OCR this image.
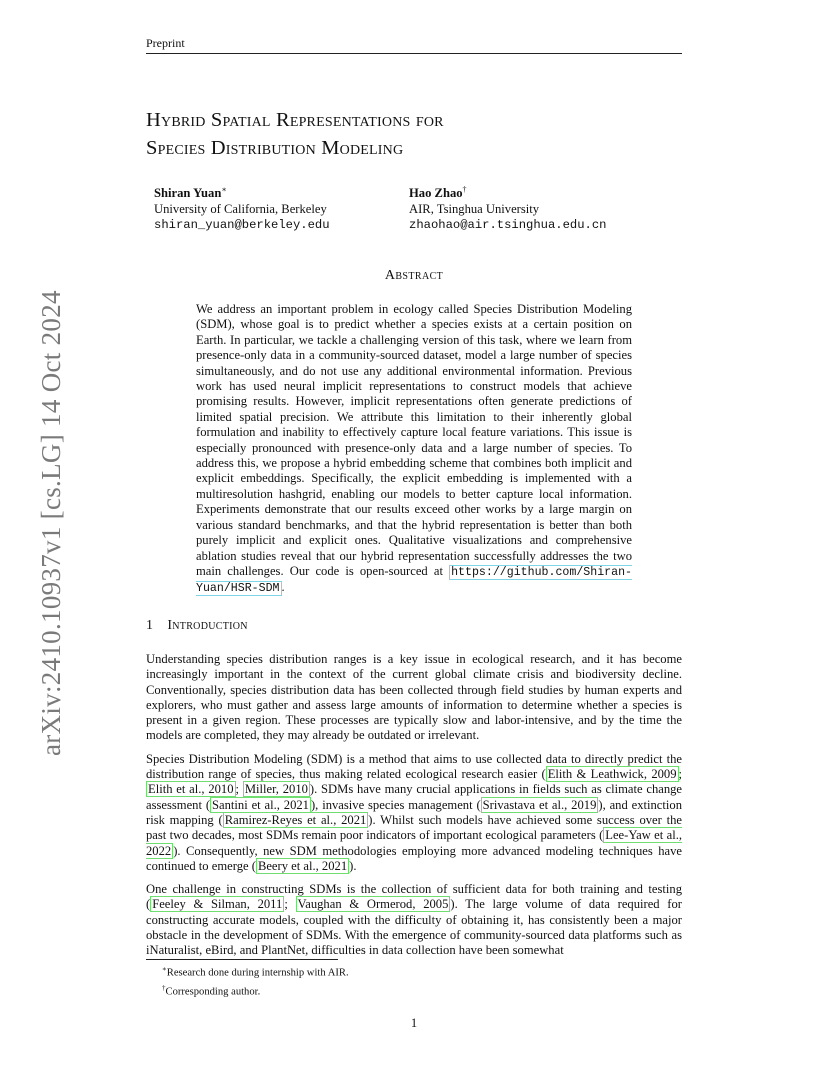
arXiv:2410.10937v1 [cs.LG] 14 Oct 2024
Preprint
Hybrid Spatial Representations for
Species Distribution Modeling
Shiran Yuan∗
University of California, Berkeley
shiran_yuan@berkeley.edu
Hao Zhao†
AIR, Tsinghua University
zhaohao@air.tsinghua.edu.cn
Abstract
We address an important problem in ecology called Species Distribution Modeling (SDM), whose goal is to predict whether a species exists at a certain position on Earth. In particular, we tackle a challenging version of this task, where we learn from presence-only data in a community-sourced dataset, model a large number of species simultaneously, and do not use any additional environmental information. Previous work has used neural implicit representations to construct models that achieve promising results. However, implicit representations often generate predictions of limited spatial precision. We attribute this limitation to their inherently global formulation and inability to effectively capture local feature variations. This issue is especially pronounced with presence-only data and a large number of species. To address this, we propose a hybrid embedding scheme that combines both implicit and explicit embeddings. Specifically, the explicit embedding is implemented with a multiresolution hashgrid, enabling our models to better capture local information. Experiments demonstrate that our results exceed other works by a large margin on various standard benchmarks, and that the hybrid representation is better than both purely implicit and explicit ones. Qualitative visualizations and comprehensive ablation studies reveal that our hybrid representation successfully addresses the two main challenges. Our code is open-sourced at https://github.com/Shiran-Yuan/HSR-SDM .
1 Introduction

Understanding species distribution ranges is a key issue in ecological research, and it has become increasingly important in the context of the current global climate crisis and biodiversity decline. Conventionally, species distribution data has been collected through field studies by human experts and explorers, who must gather and assess large amounts of information to determine whether a species is present in a given region. These processes are typically slow and labor-intensive, and by the time the models are completed, they may already be outdated or irrelevant.

Species Distribution Modeling (SDM) is a method that aims to use collected data to directly predict the distribution range of species, thus making related ecological research easier ( Elith & Leathwick, 2009 ; Elith et al., 2010 ; Miller, 2010 ). SDMs have many crucial applications in fields such as climate change assessment ( Santini et al., 2021 ), invasive species management ( Srivastava et al., 2019 ), and extinction risk mapping ( Ramirez-Reyes et al., 2021 ). Whilst such models have achieved some success over the past two decades, most SDMs remain poor indicators of important ecological parameters ( Lee-Yaw et al., 2022 ). Consequently, new SDM methodologies employing more advanced modeling techniques have continued to emerge ( Beery et al., 2021 ).

One challenge in constructing SDMs is the collection of sufficient data for both training and testing ( Feeley & Silman, 2011 ; Vaughan & Ormerod, 2005 ). The large volume of data required for constructing accurate models, coupled with the difficulty of obtaining it, has consistently been a major obstacle in the development of SDMs. With the emergence of community-sourced data platforms such as iNaturalist, eBird, and PlantNet, difficulties in data collection have been somewhat

∗Research done during internship with AIR.
†Corresponding author.
1
